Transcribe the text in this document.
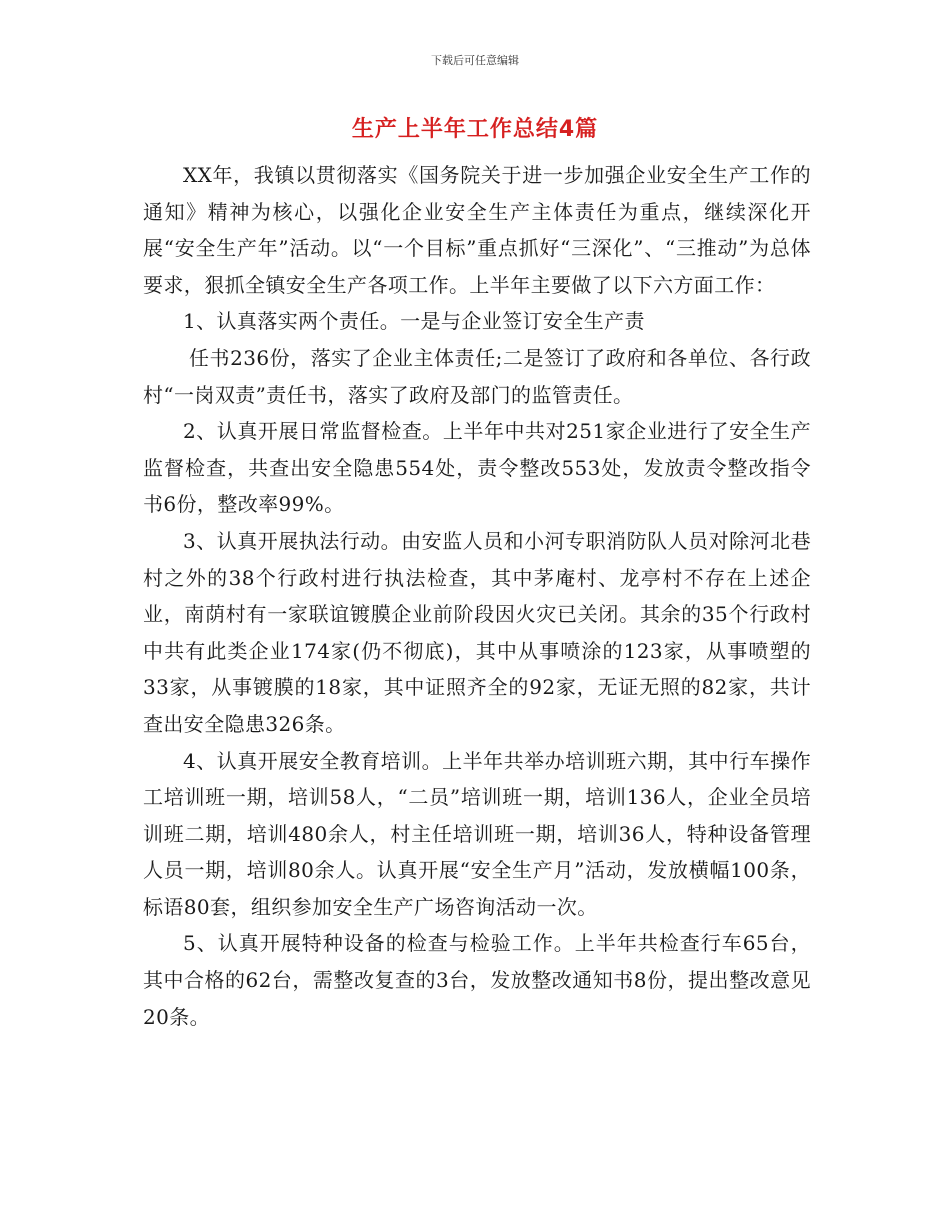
下载后可任意编辑
生产上半年工作总结4篇

XX年，我镇以贯彻落实《国务院关于进一步加强企业安全生产工作的通知》精神为核心，以强化企业安全生产主体责任为重点，继续深化开展“安全生产年”活动。以“一个目标”重点抓好“三深化”、“三推动”为总体要求，狠抓全镇安全生产各项工作。上半年主要做了以下六方面工作：

1、认真落实两个责任。一是与企业签订安全生产责

任书236份，落实了企业主体责任;二是签订了政府和各单位、各行政村“一岗双责”责任书，落实了政府及部门的监管责任。

2、认真开展日常监督检查。上半年中共对251家企业进行了安全生产监督检查，共查出安全隐患554处，责令整改553处，发放责令整改指令书6份，整改率99%。

3、认真开展执法行动。由安监人员和小河专职消防队人员对除河北巷村之外的38个行政村进行执法检查，其中茅庵村、龙亭村不存在上述企业，南荫村有一家联谊镀膜企业前阶段因火灾已关闭。其余的35个行政村中共有此类企业174家(仍不彻底)，其中从事喷涂的123家，从事喷塑的33家，从事镀膜的18家，其中证照齐全的92家，无证无照的82家，共计查出安全隐患326条。

4、认真开展安全教育培训。上半年共举办培训班六期，其中行车操作工培训班一期，培训58人，“二员”培训班一期，培训136人，企业全员培训班二期，培训480余人，村主任培训班一期，培训36人，特种设备管理人员一期，培训80余人。认真开展“安全生产月”活动，发放横幅100条，标语80套，组织参加安全生产广场咨询活动一次。

5、认真开展特种设备的检查与检验工作。上半年共检查行车65台，其中合格的62台，需整改复查的3台，发放整改通知书8份，提出整改意见20条。
